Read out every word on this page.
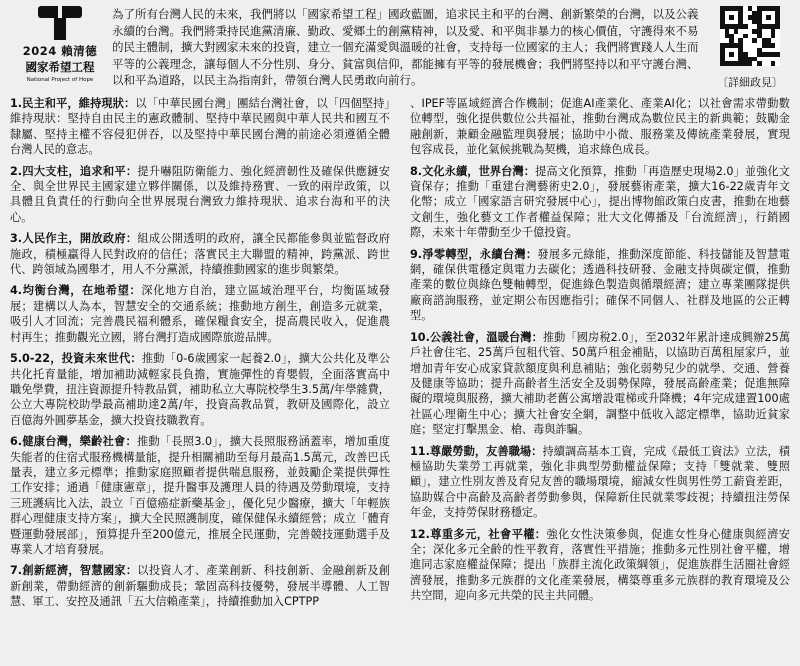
2024 賴清德
國家希望工程
National Project of Hope

為了所有台灣人民的未來，我們將以「國家希望工程」國政藍圖，追求民主和平的台灣、創新繁榮的台灣，以及公義永續的台灣。我們將秉持民進黨清廉、勤政、愛鄉土的創黨精神，以及愛、和平與非暴力的核心價值，守護得來不易的民主體制，擴大對國家未來的投資，建立一個充滿愛與溫暖的社會，支持每一位國家的主人；我們將實踐人人生而平等的公義理念，讓每個人不分性別、身分、貧富與信仰，都能擁有平等的發展機會；我們將堅持以和平守護台灣、以和平為道路，以民主為指南針，帶領台灣人民勇敢向前行。	〔詳細政見〕

1.民主和平，維持現狀：以「中華民國台灣」團結台灣社會，以「四個堅持」維持現狀：堅持自由民主的憲政體制、堅持中華民國與中華人民共和國互不隸屬、堅持主權不容侵犯併吞，以及堅持中華民國台灣的前途必須遵循全體台灣人民的意志。

2.四大支柱，追求和平：提升嚇阻防衛能力、強化經濟韌性及確保供應鏈安全、與全世界民主國家建立夥伴關係，以及維持務實、一致的兩岸政策，以具體且負責任的行動向全世界展現台灣致力維持現狀、追求台海和平的決心。

3.人民作主，開放政府：組成公開透明的政府，讓全民都能參與並監督政府施政，積極贏得人民對政府的信任；落實民主大聯盟的精神，跨黨派、跨世代、跨領域為國舉才，用人不分黨派，持續推動國家的進步與繁榮。

4.均衡台灣，在地希望：深化地方自治，建立區域治理平台，均衡區域發展；建構以人為本，智慧安全的交通系統；推動地方創生，創造多元就業，吸引人才回流；完善農民福利體系，確保糧食安全，提高農民收入，促進農村再生；推動觀光立國，將台灣打造成國際旅遊品牌。

5.0-22，投資未來世代：推動「0-6歲國家一起養2.0」，擴大公共化及準公共化托育量能，增加補助減輕家長負擔，實施彈性的育嬰假，全面落實高中職免學費，扭注資源提升特教品質，補助私立大專院校學生3.5萬/年學雜費，公立大專院校助學最高補助達2萬/年，投資高教品質，教研及國際化，設立百億海外圓夢基金，擴大投資技職教育。

6.健康台灣，樂齡社會：推動「長照3.0」，擴大長照服務涵蓋率，增加重度失能者的住宿式服務機構量能，提升相關補助至每月最高1.5萬元，改善巴氏量表，建立多元標準；推動家庭照顧者提供喘息服務，並鼓勵企業提供彈性工作安排；通過「健康憲章」，提升醫事及護理人員的待遇及勞動環境，支持三班護病比入法，設立「百億癌症新藥基金」，優化兒少醫療，擴大「年輕族群心理健康支持方案」，擴大全民照護制度，確保健保永續經營；成立「體育暨運動發展部」，預算提升至200億元，推展全民運動，完善競技運動選手及專業人才培育發展。

7.創新經濟，智慧國家：以投資人才、產業創新、科技創新、金融創新及創新創業，帶動經濟的創新驅動成長；鞏固高科技優勢，發展半導體、人工智慧、軍工、安控及通訊「五大信賴產業」，持續推動加入CPTPP

、IPEF等區域經濟合作機制；促進AI產業化、產業AI化；以社會需求帶動數位轉型，強化提供數位公共福祉，推動台灣成為數位民主的新典範；鼓勵金融創新，兼顧金融監理與發展；協助中小微、服務業及傳統產業發展，實現包容成長，並化氣候挑戰為契機，追求綠色成長。

8.文化永續，世界台灣：提高文化預算，推動「再造歷史現場2.0」並強化文資保存；推動「重建台灣藝術史2.0」，發展藝術產業，擴大16-22歲青年文化幣；成立「國家語言研究發展中心」，提出博物館政策白皮書，推動在地藝文創生，強化藝文工作者權益保障；壯大文化傳播及「台流經濟」，行銷國際，未來十年帶動至少千億投資。

9.淨零轉型，永續台灣：發展多元綠能，推動深度節能、科技儲能及智慧電網，確保供電穩定與電力去碳化；透過科技研發、金融支持與碳定價，推動產業的數位與綠色雙軸轉型，促進綠色製造與循環經濟；建立專業團隊提供廠商諮詢服務，並定期公布因應指引；確保不同個人、社群及地區的公正轉型。

10.公義社會，溫暖台灣：推動「國房稅2.0」，至2032年累計達成興辦25萬戶社會住宅、25萬戶包租代管、50萬戶租金補貼，以協助百萬租屋家戶，並增加青年安心成家貸款額度與利息補貼；強化弱勢兒少的就學、交通、營養及健康等協助；提升高齡者生活安全及弱勢保障，發展高齡產業；促進無障礙的環境與服務，擴大補助老舊公寓增設電梯或升降機；4年完成建置100處社區心理衛生中心；擴大社會安全網，調整中低收入認定標準，協助近貧家庭；堅定打擊黑金、槍、毒與詐騙。

11.尊嚴勞動，友善職場：持續調高基本工資，完成《最低工資法》立法，積極協助失業勞工再就業，強化非典型勞動權益保障；支持「雙就業、雙照顧」，建立性別友善及育兒友善的職場環境，縮減女性與男性勞工薪資差距，協助媒合中高齡及高齡者勞動參與，保障新住民就業零歧視；持續扭注勞保年金，支持勞保財務穩定。

12.尊重多元，社會平權：強化女性決策參與，促進女性身心健康與經濟安全；深化多元全齡的性平教育，落實性平措施；推動多元性別社會平權，增進同志家庭權益保障；提出「族群主流化政策綱領」，促進族群生活圈社會經濟發展，推動多元族群的文化產業發展，構築尊重多元族群的教育環境及公共空間，迎向多元共榮的民主共同體。
